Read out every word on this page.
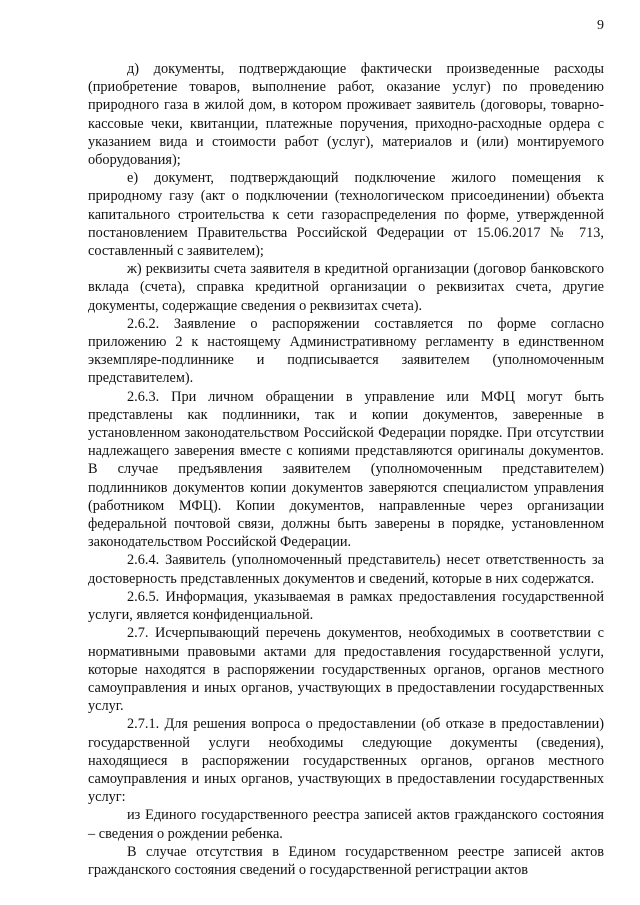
9

д) документы, подтверждающие фактически произведенные расходы (приобретение товаров, выполнение работ, оказание услуг) по проведению природного газа в жилой дом, в котором проживает заявитель (договоры, товарно-кассовые чеки, квитанции, платежные поручения, приходно-расходные ордера с указанием вида и стоимости работ (услуг), материалов и (или) монтируемого оборудования);

е) документ, подтверждающий подключение жилого помещения к природному газу (акт о подключении (технологическом присоединении) объекта капитального строительства к сети газораспределения по форме, утвержденной постановлением Правительства Российской Федерации от 15.06.2017 № 713, составленный с заявителем);

ж) реквизиты счета заявителя в кредитной организации (договор банковского вклада (счета), справка кредитной организации о реквизитах счета, другие документы, содержащие сведения о реквизитах счета).

2.6.2. Заявление о распоряжении составляется по форме согласно приложению 2 к настоящему Административному регламенту в единственном экземпляре-подлиннике и подписывается заявителем (уполномоченным представителем).

2.6.3. При личном обращении в управление или МФЦ могут быть представлены как подлинники, так и копии документов, заверенные в установленном законодательством Российской Федерации порядке. При отсутствии надлежащего заверения вместе с копиями представляются оригиналы документов. В случае предъявления заявителем (уполномоченным представителем) подлинников документов копии документов заверяются специалистом управления (работником МФЦ). Копии документов, направленные через организации федеральной почтовой связи, должны быть заверены в порядке, установленном законодательством Российской Федерации.

2.6.4. Заявитель (уполномоченный представитель) несет ответственность за достоверность представленных документов и сведений, которые в них содержатся.

2.6.5. Информация, указываемая в рамках предоставления государственной услуги, является конфиденциальной.

2.7. Исчерпывающий перечень документов, необходимых в соответствии с нормативными правовыми актами для предоставления государственной услуги, которые находятся в распоряжении государственных органов, органов местного самоуправления и иных органов, участвующих в предоставлении государственных услуг.

2.7.1. Для решения вопроса о предоставлении (об отказе в предоставлении) государственной услуги необходимы следующие документы (сведения), находящиеся в распоряжении государственных органов, органов местного самоуправления и иных органов, участвующих в предоставлении государственных услуг:

из Единого государственного реестра записей актов гражданского состояния – сведения о рождении ребенка.

В случае отсутствия в Едином государственном реестре записей актов гражданского состояния сведений о государственной регистрации актов
